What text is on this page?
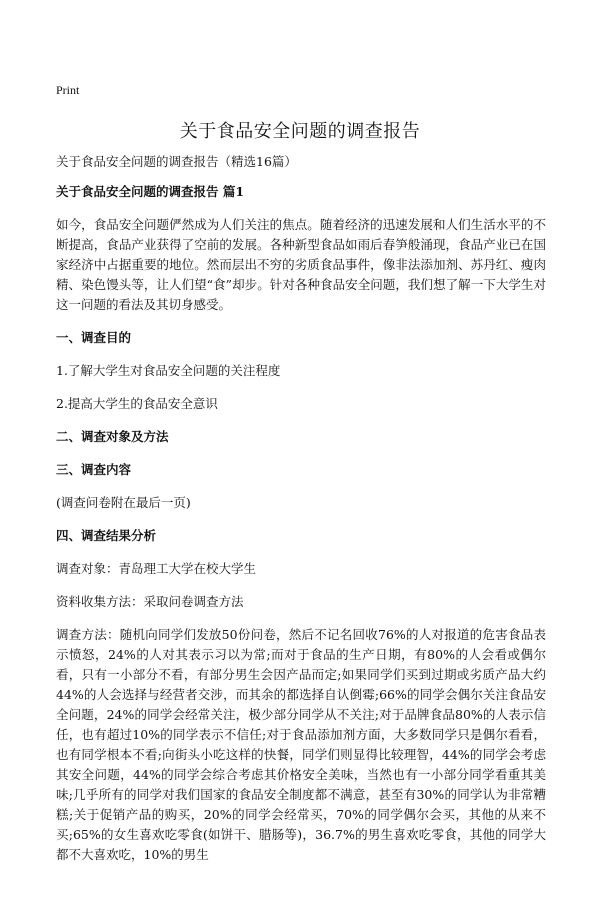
Print
关于食品安全问题的调查报告

关于食品安全问题的调查报告（精选16篇）

关于食品安全问题的调查报告 篇1

如今，食品安全问题俨然成为人们关注的焦点。随着经济的迅速发展和人们生活水平的不断提高，食品产业获得了空前的发展。各种新型食品如雨后春笋般涌现，食品产业已在国家经济中占据重要的地位。然而层出不穷的劣质食品事件，像非法添加剂、苏丹红、瘦肉精、染色馒头等，让人们望“食”却步。针对各种食品安全问题，我们想了解一下大学生对这一问题的看法及其切身感受。

一、调查目的

1.了解大学生对食品安全问题的关注程度

2.提高大学生的食品安全意识

二、调查对象及方法

三、调查内容

(调查问卷附在最后一页)

四、调查结果分析

调查对象：青岛理工大学在校大学生

资料收集方法：采取问卷调查方法

调查方法：随机向同学们发放50份问卷，然后不记名回收76%的人对报道的危害食品表示愤怒，24%的人对其表示习以为常;而对于食品的生产日期，有80%的人会看或偶尔看，只有一小部分不看，有部分男生会因产品而定;如果同学们买到过期或劣质产品大约44%的人会选择与经营者交涉，而其余的都选择自认倒霉;66%的同学会偶尔关注食品安全问题，24%的同学会经常关注，极少部分同学从不关注;对于品牌食品80%的人表示信任，也有超过10%的同学表示不信任;对于食品添加剂方面，大多数同学只是偶尔看看，也有同学根本不看;向街头小吃这样的快餐，同学们则显得比较理智，44%的同学会考虑其安全问题，44%的同学会综合考虑其价格安全美味，当然也有一小部分同学看重其美味;几乎所有的同学对我们国家的食品安全制度都不满意，甚至有30%的同学认为非常糟糕;关于促销产品的购买，20%的同学会经常买，70%的同学偶尔会买，其他的从来不买;65%的女生喜欢吃零食(如饼干、腊肠等)，36.7%的男生喜欢吃零食，其他的同学大都不大喜欢吃，10%的男生
